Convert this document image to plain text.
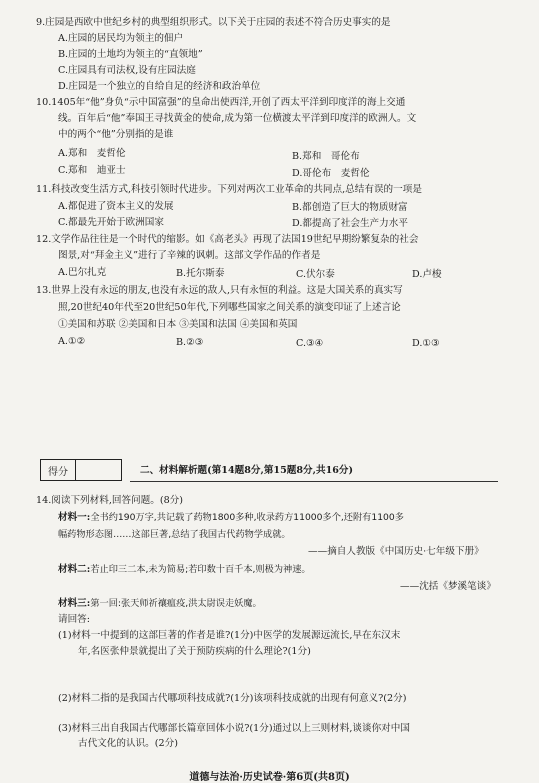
9.庄园是西欧中世纪乡村的典型组织形式。以下关于庄园的表述不符合历史事实的是
A.庄园的居民均为领主的佃户
B.庄园的土地均为领主的“直领地”
C.庄园具有司法权,设有庄园法庭
D.庄园是一个独立的自给自足的经济和政治单位
10.1405年“他”身负“示中国富强”的皇命出使西洋,开创了西太平洋到印度洋的海上交通
线。百年后“他”奉国王寻找黄金的使命,成为第一位横渡太平洋到印度洋的欧洲人。文
中的两个“他”分别指的是谁
A.郑和　麦哲伦	B.郑和　哥伦布
C.郑和　迪亚士	D.哥伦布　麦哲伦
11.科技改变生活方式,科技引领时代进步。下列对两次工业革命的共同点,总结有误的一项是
A.都促进了资本主义的发展	B.都创造了巨大的物质财富
C.都最先开始于欧洲国家	D.都提高了社会生产力水平
12.文学作品往往是一个时代的缩影。如《高老头》再现了法国19世纪早期纷繁复杂的社会
图景,对“拜金主义”进行了辛辣的讽刺。这部文学作品的作者是
A.巴尔扎克	B.托尔斯泰	C.伏尔泰	D.卢梭
13.世界上没有永远的朋友,也没有永远的敌人,只有永恒的利益。这是大国关系的真实写
照,20世纪40年代至20世纪50年代,下列哪些国家之间关系的演变印证了上述言论
①美国和苏联 ②美国和日本 ③美国和法国 ④美国和英国
A.①②	B.②③	C.③④	D.①③
得分	二、材料解析题(第14题8分,第15题8分,共16分)
14.阅读下列材料,回答问题。(8分)
材料一:全书约190万字,共记载了药物1800多种,收录药方11000多个,还附有1100多
幅药物形态图……这部巨著,总结了我国古代药物学成就。
——摘自人教版《中国历史·七年级下册》
材料二:若止印三二本,未为简易;若印数十百千本,则极为神速。
——沈括《梦溪笔谈》
材料三:第一回:张天师祈禳瘟疫,洪太尉误走妖魔。
请回答:
(1)材料一中提到的这部巨著的作者是谁?(1分)中医学的发展源远流长,早在东汉末
年,名医张仲景就提出了关于预防疾病的什么理论?(1分)
(2)材料二指的是我国古代哪项科技成就?(1分)该项科技成就的出现有何意义?(2分)
(3)材料三出自我国古代哪部长篇章回体小说?(1分)通过以上三则材料,谈谈你对中国
古代文化的认识。(2分)
道德与法治·历史试卷·第6页(共8页)
